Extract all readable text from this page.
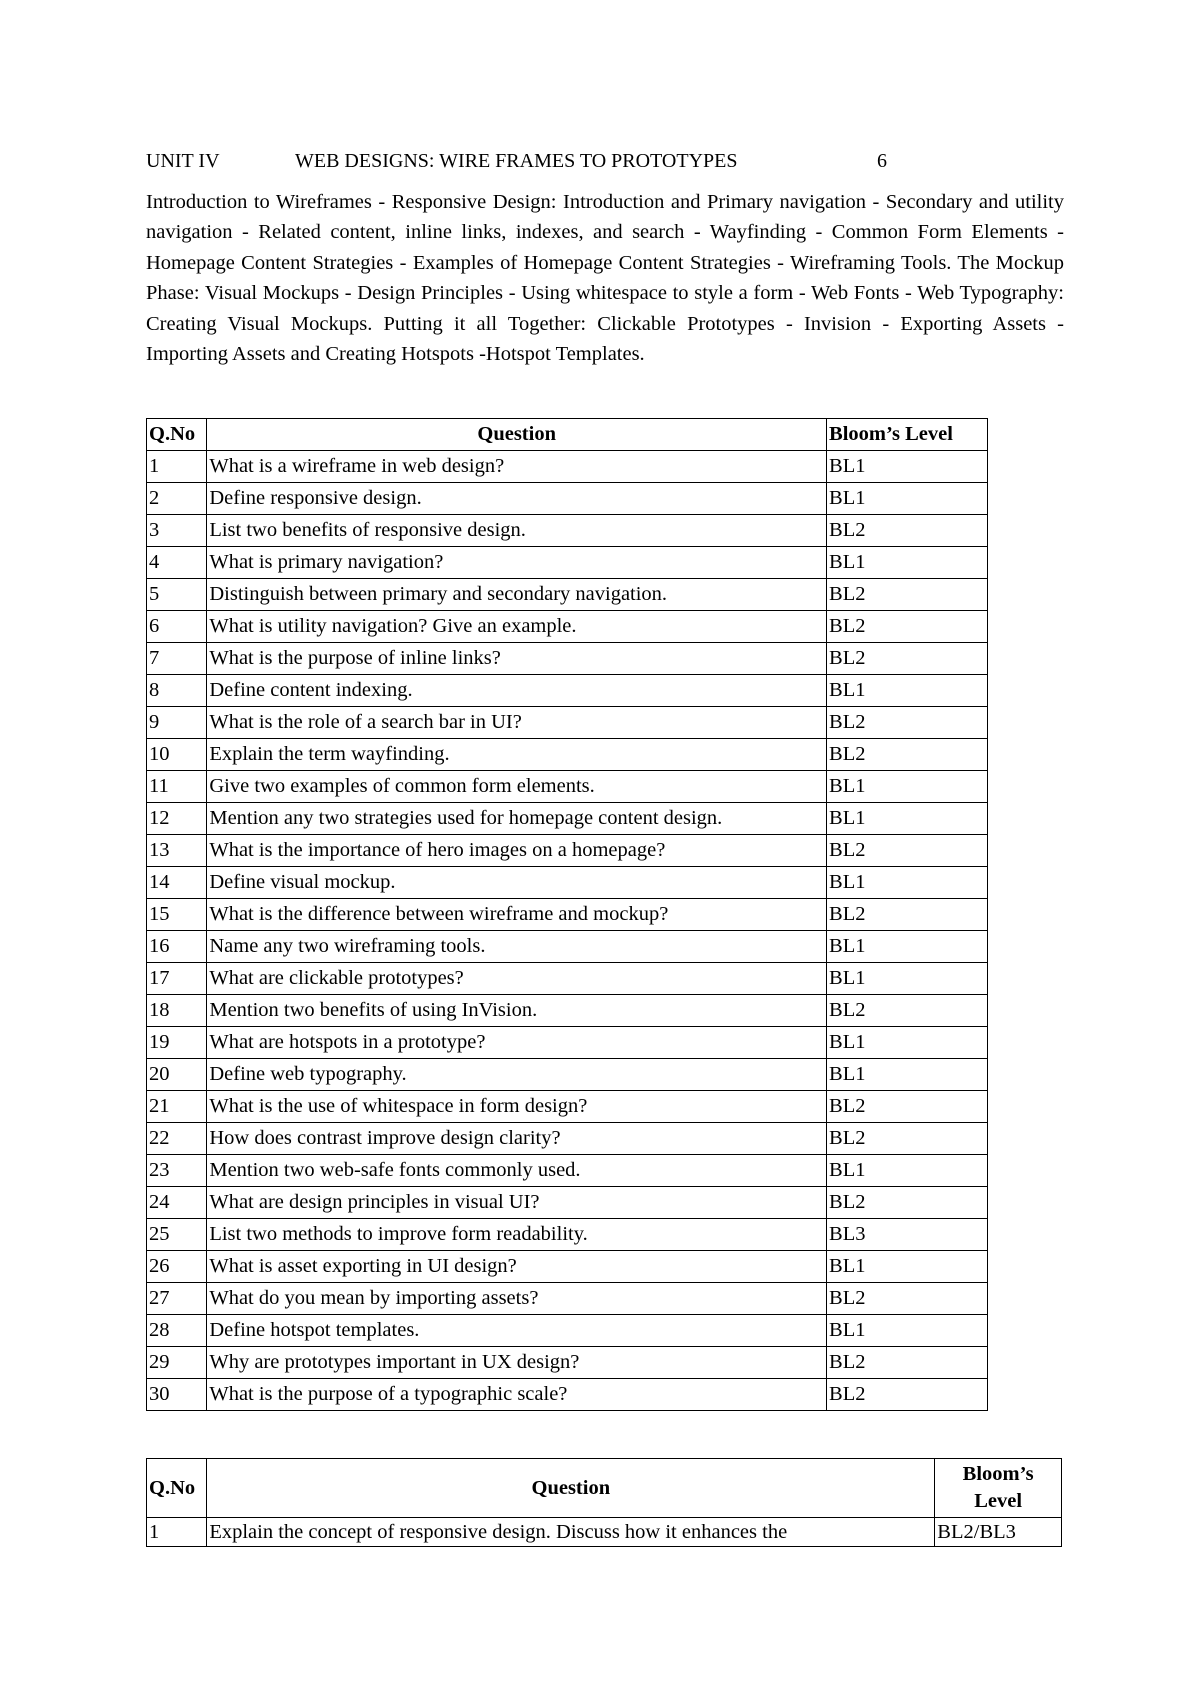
UNIT IV	WEB DESIGNS: WIRE FRAMES TO PROTOTYPES	6

Introduction to Wireframes - Responsive Design: Introduction and Primary navigation - Secondary and utility navigation - Related content, inline links, indexes, and search - Wayfinding - Common Form Elements - Homepage Content Strategies - Examples of Homepage Content Strategies - Wireframing Tools. The Mockup Phase: Visual Mockups - Design Principles - Using whitespace to style a form - Web Fonts - Web Typography: Creating Visual Mockups. Putting it all Together: Clickable Prototypes - Invision - Exporting Assets - Importing Assets and Creating Hotspots -Hotspot Templates.

Q.No	Question	Bloom’s Level
1	What is a wireframe in web design?	BL1
2	Define responsive design.	BL1
3	List two benefits of responsive design.	BL2
4	What is primary navigation?	BL1
5	Distinguish between primary and secondary navigation.	BL2
6	What is utility navigation? Give an example.	BL2
7	What is the purpose of inline links?	BL2
8	Define content indexing.	BL1
9	What is the role of a search bar in UI?	BL2
10	Explain the term wayfinding.	BL2
11	Give two examples of common form elements.	BL1
12	Mention any two strategies used for homepage content design.	BL1
13	What is the importance of hero images on a homepage?	BL2
14	Define visual mockup.	BL1
15	What is the difference between wireframe and mockup?	BL2
16	Name any two wireframing tools.	BL1
17	What are clickable prototypes?	BL1
18	Mention two benefits of using InVision.	BL2
19	What are hotspots in a prototype?	BL1
20	Define web typography.	BL1
21	What is the use of whitespace in form design?	BL2
22	How does contrast improve design clarity?	BL2
23	Mention two web-safe fonts commonly used.	BL1
24	What are design principles in visual UI?	BL2
25	List two methods to improve form readability.	BL3
26	What is asset exporting in UI design?	BL1
27	What do you mean by importing assets?	BL2
28	Define hotspot templates.	BL1
29	Why are prototypes important in UX design?	BL2
30	What is the purpose of a typographic scale?	BL2
Q.No	Question	Bloom’s Level
1	Explain the concept of responsive design. Discuss how it enhances the	BL2/BL3
